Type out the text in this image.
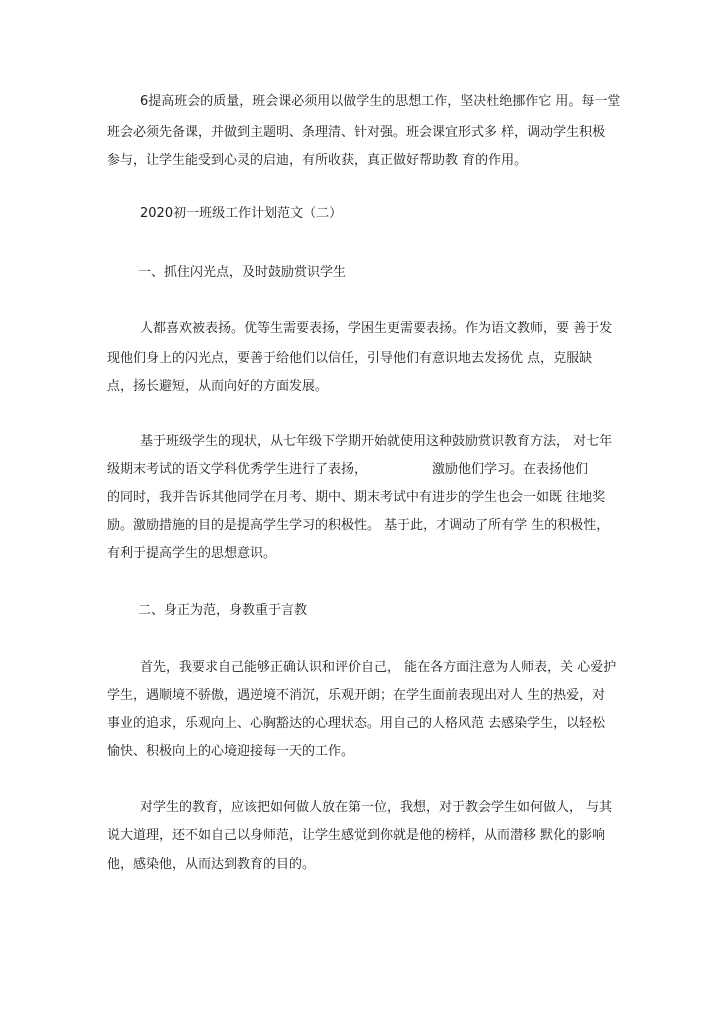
6提高班会的质量，班会课必须用以做学生的思想工作，坚决杜绝挪作它 用。每一堂
班会必须先备课，并做到主题明、条理清、针对强。班会课宜形式多 样，调动学生积极
参与，让学生能受到心灵的启迪，有所收获，真正做好帮助教 育的作用。
2020初一班级工作计划范文（二）
一、抓住闪光点，及时鼓励赏识学生
人都喜欢被表扬。优等生需要表扬，学困生更需要表扬。作为语文教师，要 善于发
现他们身上的闪光点，要善于给他们以信任，引导他们有意识地去发扬优 点，克服缺
点，扬长避短，从而向好的方面发展。
基于班级学生的现状，从七年级下学期开始就使用这种鼓励赏识教育方法， 对七年
级期末考试的语文学科优秀学生进行了表扬，	激励他们学习。在表扬他们
的同时，我并告诉其他同学在月考、期中、期末考试中有进步的学生也会一如既 往地奖
励。激励措施的目的是提高学生学习的积极性。 基于此，才调动了所有学 生的积极性，
有利于提高学生的思想意识。
二、身正为范，身教重于言教
首先，我要求自己能够正确认识和评价自己， 能在各方面注意为人师表，关 心爱护
学生，遇顺境不骄傲，遇逆境不消沉，乐观开朗；在学生面前表现出对人 生的热爱，对
事业的追求，乐观向上、心胸豁达的心理状态。用自己的人格风范 去感染学生，以轻松
愉快、积极向上的心境迎接每一天的工作。
对学生的教育，应该把如何做人放在第一位，我想，对于教会学生如何做人， 与其
说大道理，还不如自己以身师范，让学生感觉到你就是他的榜样，从而潜移 默化的影响
他，感染他，从而达到教育的目的。
